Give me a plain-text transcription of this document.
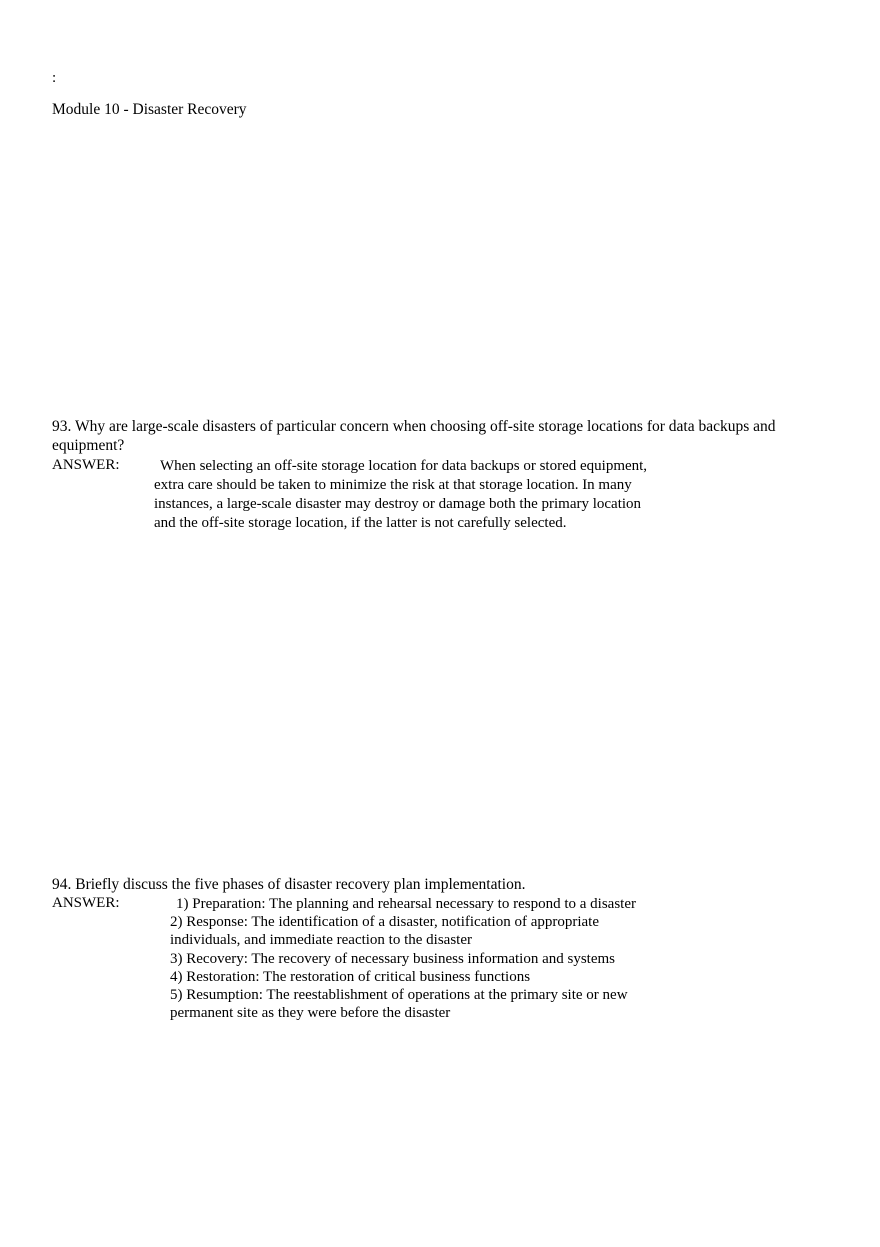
:
Module 10 - Disaster Recovery
93. Why are large-scale disasters of particular concern when choosing off-site storage locations for data backups and equipment?
ANSWER:	When selecting an off-site storage location for data backups or stored equipment,
extra care should be taken to minimize the risk at that storage location. In many
instances, a large-scale disaster may destroy or damage both the primary location
and the off-site storage location, if the latter is not carefully selected.
94. Briefly discuss the five phases of disaster recovery plan implementation.
ANSWER:	1) Preparation: The planning and rehearsal necessary to respond to a disaster
2) Response: The identification of a disaster, notification of appropriate
individuals, and immediate reaction to the disaster
3) Recovery: The recovery of necessary business information and systems
4) Restoration: The restoration of critical business functions
5) Resumption: The reestablishment of operations at the primary site or new
permanent site as they were before the disaster
